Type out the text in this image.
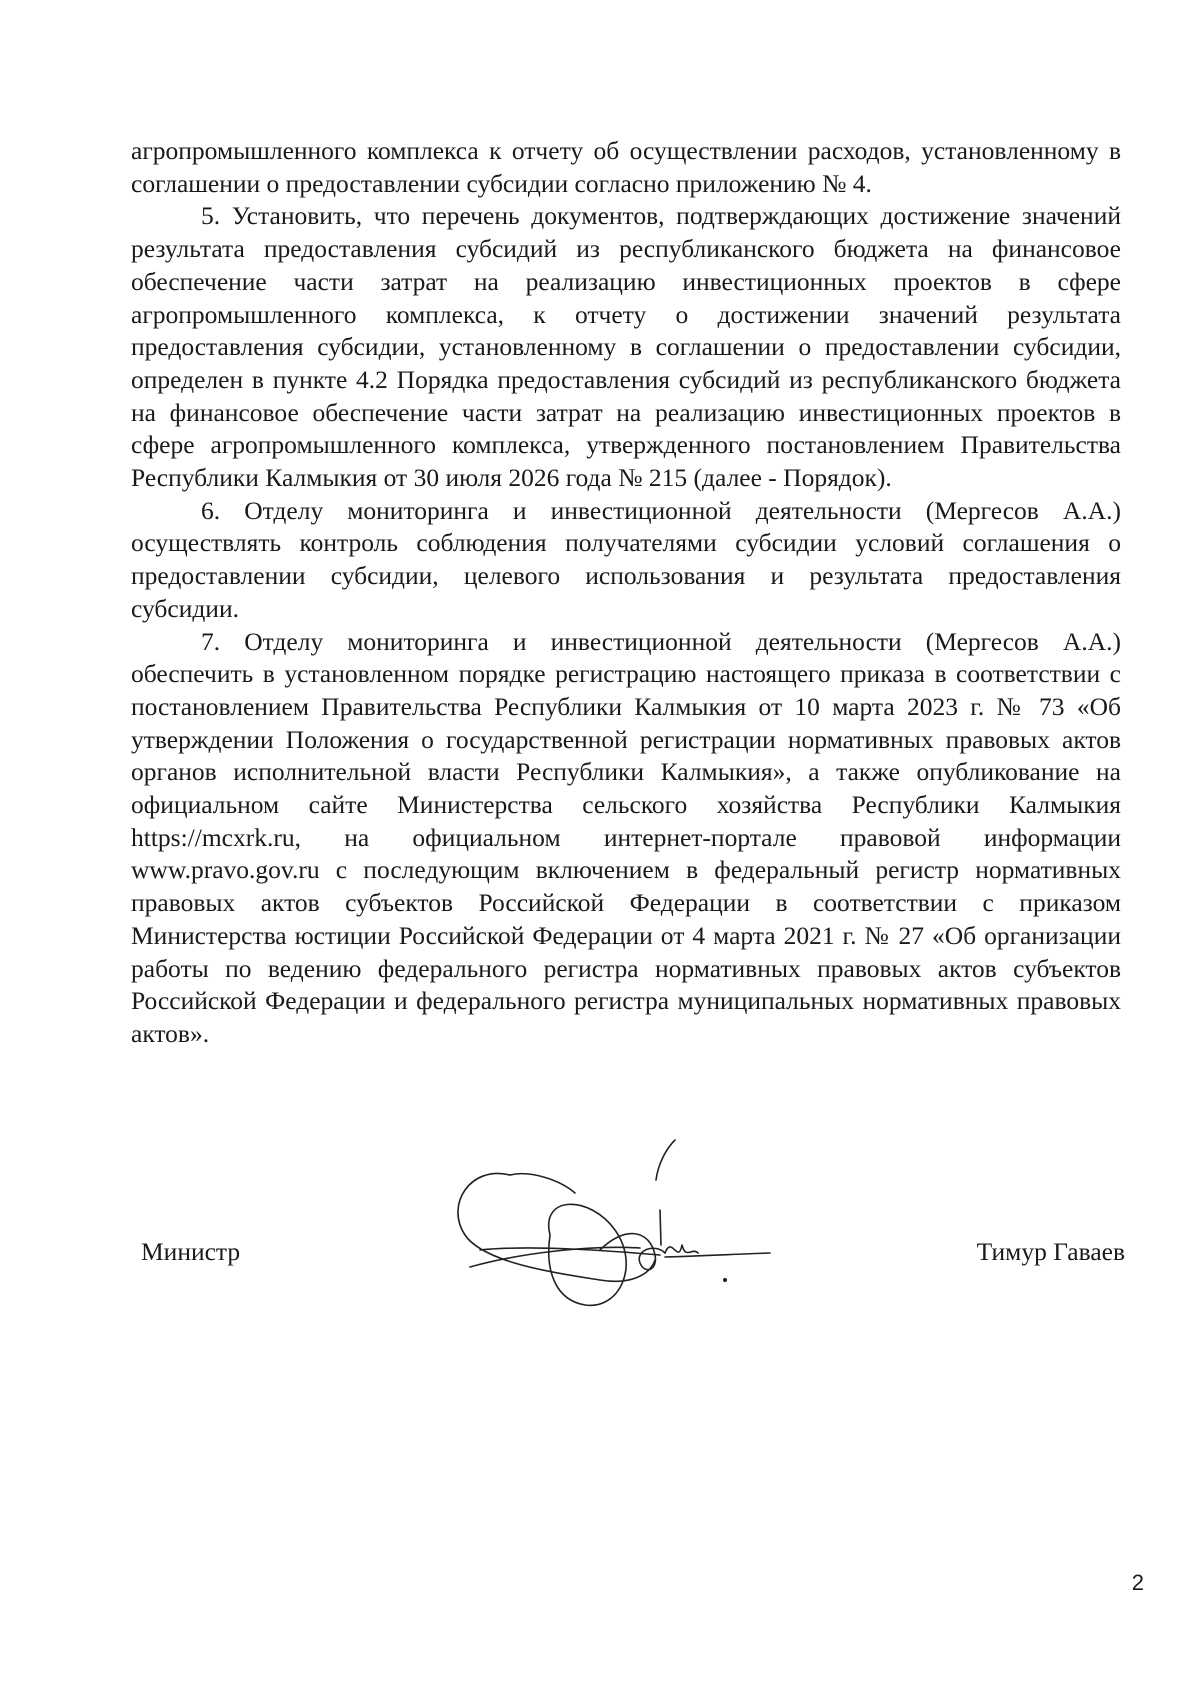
агропромышленного комплекса к отчету об осуществлении расходов, установленному в соглашении о предоставлении субсидии согласно приложению № 4.

5. Установить, что перечень документов, подтверждающих достижение значений результата предоставления субсидий из республиканского бюджета на финансовое обеспечение части затрат на реализацию инвестиционных проектов в сфере агропромышленного комплекса, к отчету о достижении значений результата предоставления субсидии, установленному в соглашении о предоставлении субсидии, определен в пункте 4.2 Порядка предоставления субсидий из республиканского бюджета на финансовое обеспечение части затрат на реализацию инвестиционных проектов в сфере агропромышленного комплекса, утвержденного постановлением Правительства Республики Калмыкия от 30 июля 2026 года № 215 (далее - Порядок).

6. Отделу мониторинга и инвестиционной деятельности (Мергесов А.А.) осуществлять контроль соблюдения получателями субсидии условий соглашения о предоставлении субсидии, целевого использования и результата предоставления субсидии.

7. Отделу мониторинга и инвестиционной деятельности (Мергесов А.А.) обеспечить в установленном порядке регистрацию настоящего приказа в соответствии с постановлением Правительства Республики Калмыкия от 10 марта 2023 г. № 73 «Об утверждении Положения о государственной регистрации нормативных правовых актов органов исполнительной власти Республики Калмыкия», а также опубликование на официальном сайте Министерства сельского хозяйства Республики Калмыкия https://mcxrk.ru, на официальном интернет-портале правовой информации www.pravo.gov.ru с последующим включением в федеральный регистр нормативных правовых актов субъектов Российской Федерации в соответствии с приказом Министерства юстиции Российской Федерации от 4 марта 2021 г. № 27 «Об организации работы по ведению федерального регистра нормативных правовых актов субъектов Российской Федерации и федерального регистра муниципальных нормативных правовых актов».

Министр	Тимур Гаваев
2
